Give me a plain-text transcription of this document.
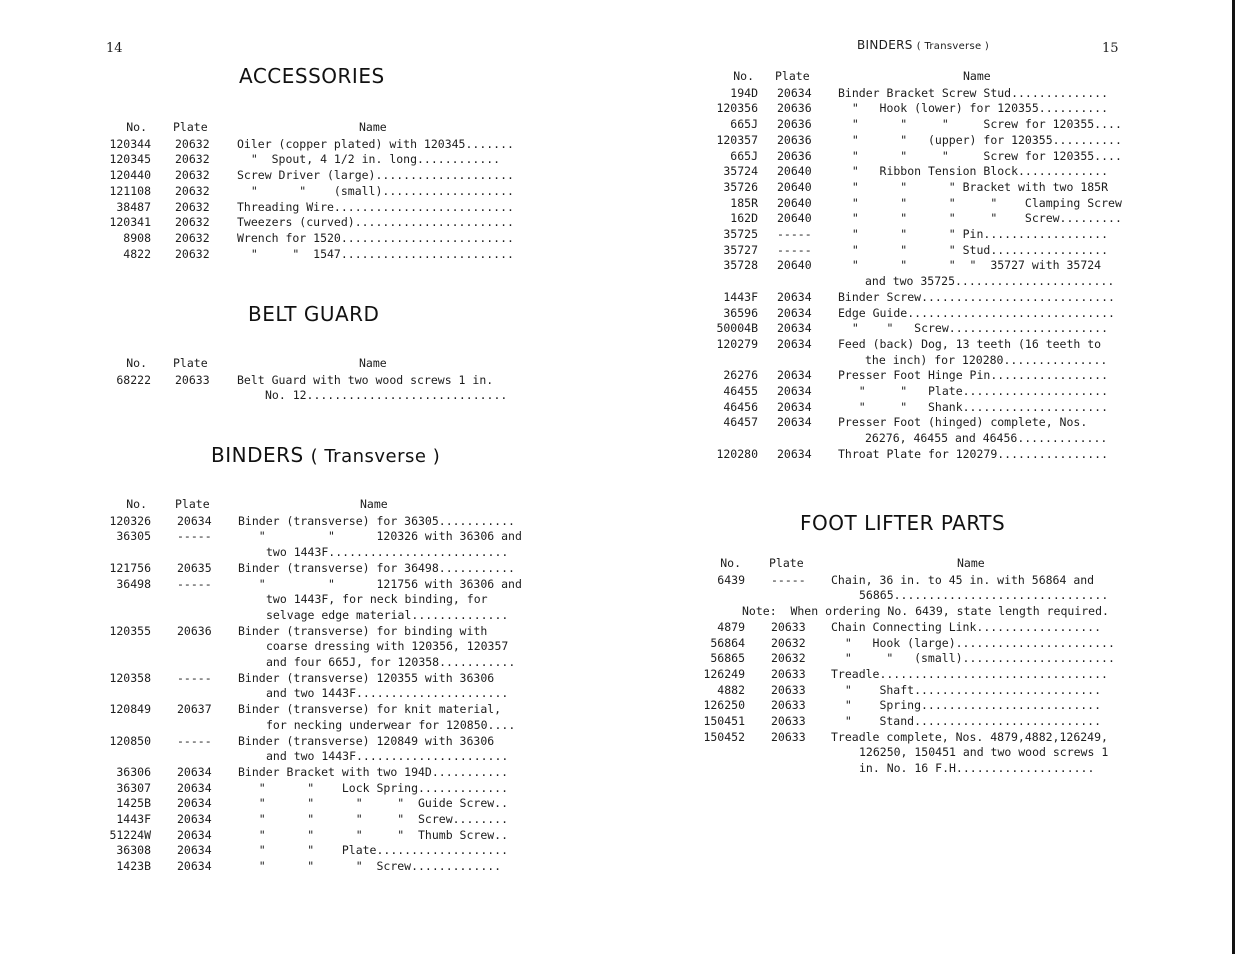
14
ACCESSORIES
No. Plate	Name
120344 20632 Oiler (copper plated) with 120345.......
120345 20632 "  Spout, 4 1/2 in. long............
120440 20632 Screw Driver (large)....................
121108 20632 "      "    (small)...................
38487 20632 Threading Wire..........................
120341 20632 Tweezers (curved).......................
8908 20632 Wrench for 1520.........................
4822 20632 "     "  1547.........................
BELT GUARD
No. Plate	Name
68222 20633 Belt Guard with two wood screws 1 in.
No. 12.............................
BINDERS ( Transverse )
No. Plate	Name
120326 20634 Binder (transverse) for 36305...........
36305 ----- "         "      120326 with 36306 and
two 1443F..........................
121756 20635 Binder (transverse) for 36498...........
36498 ----- "         "      121756 with 36306 and
two 1443F, for neck binding, for
selvage edge material..............
120355 20636 Binder (transverse) for binding with
coarse dressing with 120356, 120357
and four 665J, for 120358...........
120358 ----- Binder (transverse) 120355 with 36306
and two 1443F......................
120849 20637 Binder (transverse) for knit material,
for necking underwear for 120850....
120850 ----- Binder (transverse) 120849 with 36306
and two 1443F......................
36306 20634 Binder Bracket with two 194D...........
36307 20634 "      "    Lock Spring.............
1425B 20634 "      "      "     "  Guide Screw..
1443F 20634 "      "      "     "  Screw........
51224W 20634 "      "      "     "  Thumb Screw..
36308 20634 "      "    Plate...................
1423B 20634 "      "      "  Screw.............
BINDERS ( Transverse )	15
No. Plate	Name
194D 20634 Binder Bracket Screw Stud..............
120356 20636 "   Hook (lower) for 120355..........
665J 20636 "      "     "     Screw for 120355....
120357 20636 "      "   (upper) for 120355..........
665J 20636 "      "     "     Screw for 120355....
35724 20640 "   Ribbon Tension Block.............
35726 20640 "      "      " Bracket with two 185R
185R 20640 "      "      "     "    Clamping Screw
162D 20640 "      "      "     "    Screw.........
35725 ----- "      "      " Pin..................
35727 ----- "      "      " Stud.................
35728 20640 "      "      "  "  35727 with 35724
and two 35725.......................
1443F 20634 Binder Screw............................
36596 20634 Edge Guide..............................
50004B 20634 "    "   Screw.......................
120279 20634 Feed (back) Dog, 13 teeth (16 teeth to
the inch) for 120280...............
26276 20634 Presser Foot Hinge Pin.................
46455 20634 "     "   Plate.....................
46456 20634 "     "   Shank.....................
46457 20634 Presser Foot (hinged) complete, Nos.
26276, 46455 and 46456.............
120280 20634 Throat Plate for 120279................
FOOT LIFTER PARTS
No. Plate	Name
6439 ----- Chain, 36 in. to 45 in. with 56864 and
56865...............................
Note:  When ordering No. 6439, state length required.
4879 20633 Chain Connecting Link..................
56864 20632 "   Hook (large).......................
56865 20632 "     "   (small)......................
126249 20633 Treadle.................................
4882 20633 "    Shaft...........................
126250 20633 "    Spring..........................
150451 20633 "    Stand...........................
150452 20633 Treadle complete, Nos. 4879,4882,126249,
126250, 150451 and two wood screws 1
in. No. 16 F.H....................
